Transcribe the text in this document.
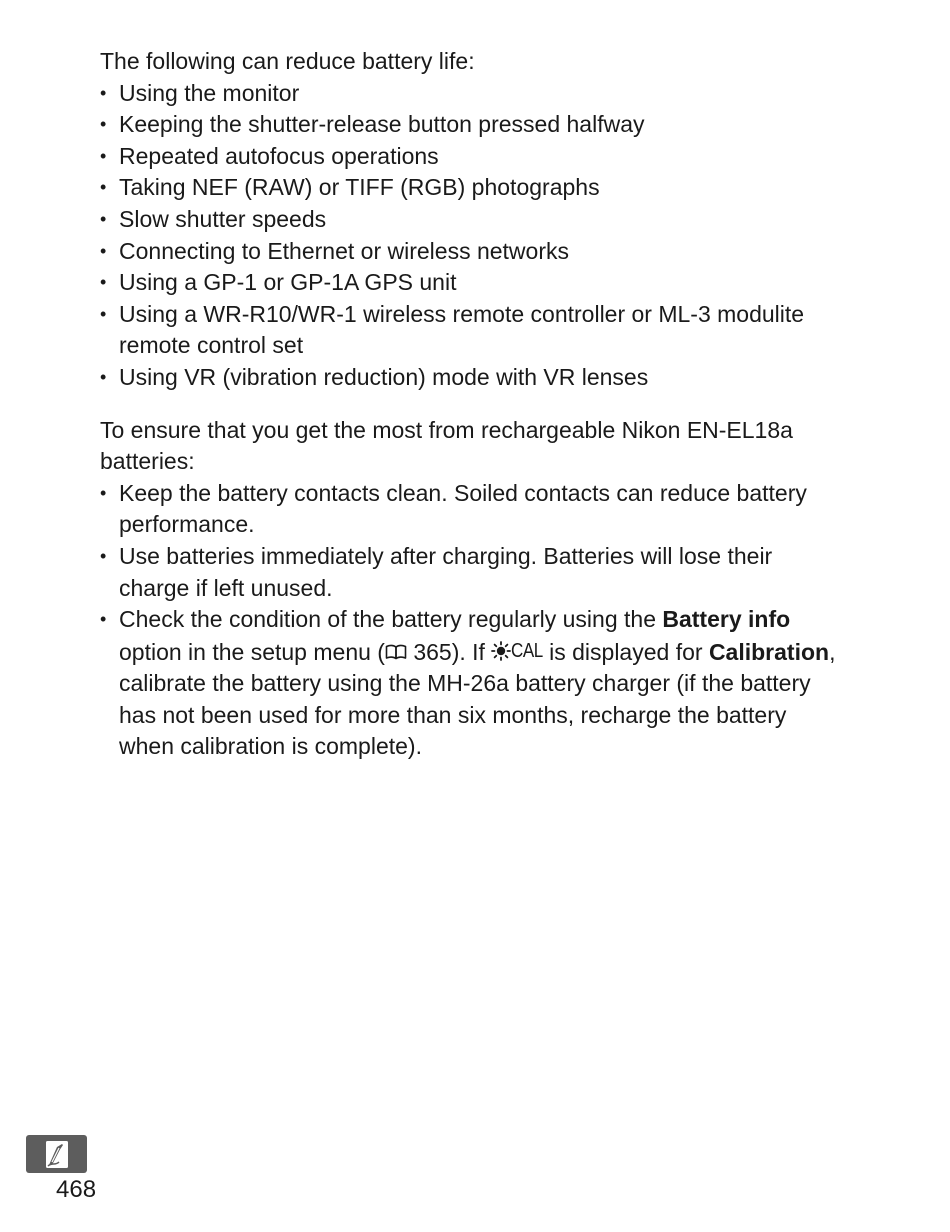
The following can reduce battery life:

• Using the monitor
• Keeping the shutter-release button pressed halfway
• Repeated autofocus operations
• Taking NEF (RAW) or TIFF (RGB) photographs
• Slow shutter speeds
• Connecting to Ethernet or wireless networks
• Using a GP-1 or GP-1A GPS unit
• Using a WR-R10/WR-1 wireless remote controller or ML-3 modulite remote control set
• Using VR (vibration reduction) mode with VR lenses

To ensure that you get the most from rechargeable Nikon EN-EL18a batteries:

• Keep the battery contacts clean. Soiled contacts can reduce battery performance.
• Use batteries immediately after charging. Batteries will lose their charge if left unused.
• Check the condition of the battery regularly using the Battery info option in the setup menu ( 365). If CAL is displayed for Calibration, calibrate the battery using the MH-26a battery charger (if the battery has not been used for more than six months, recharge the battery when calibration is complete).
468
